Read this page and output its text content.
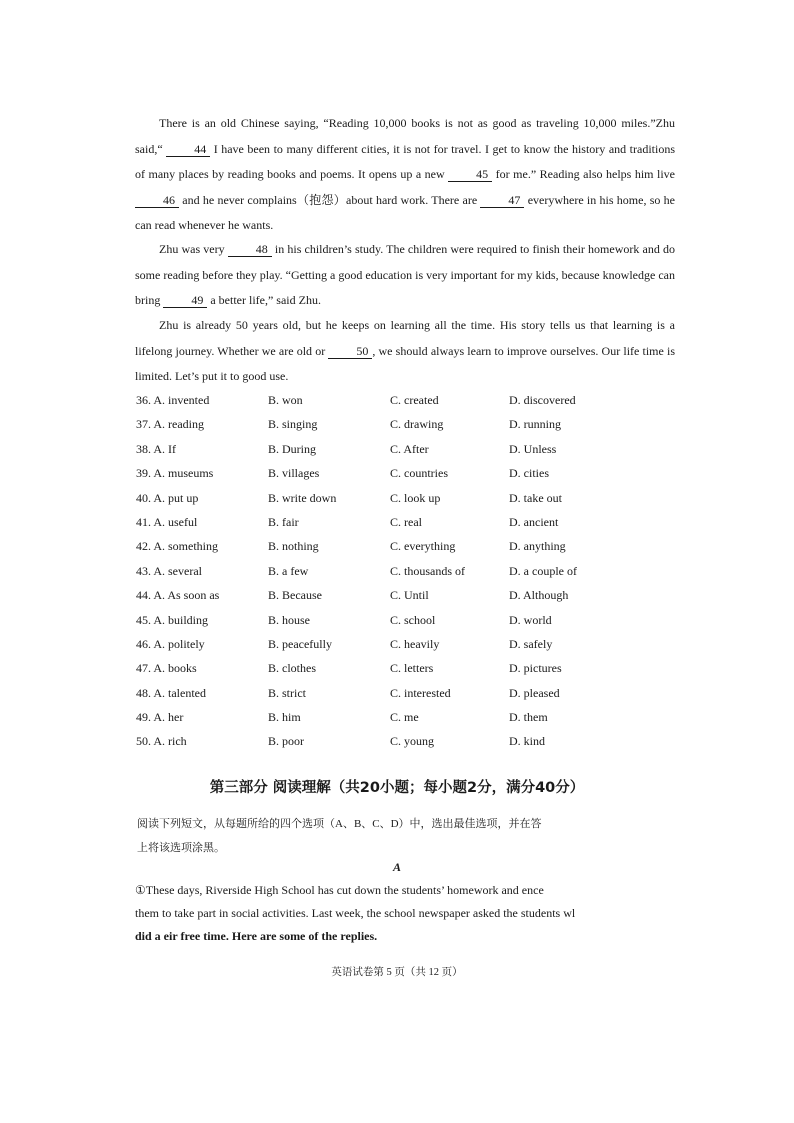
There is an old Chinese saying, “Reading 10,000 books is not as good as traveling 10,000 miles.”Zhu said,“	44 I have been to many different cities, it is not for travel. I get to know the history and traditions of many places by reading books and poems. It opens up a new 45 for me.” Reading also helps him live 46 and he never complains（抱怨）about hard work. There are 47 everywhere in his home, so he can read whenever he wants.

Zhu was very 48 in his children’s study. The children were required to finish their homework and do some reading before they play. “Getting a good education is very important for my kids, because knowledge can bring 49 a better life,” said Zhu.

Zhu is already 50 years old, but he keeps on learning all the time. His story tells us that learning is a lifelong journey. Whether we are old or 50 , we should always learn to improve ourselves. Our life time is limited. Let’s put it to good use.

36. A. invented	B. won	C. created	D. discovered
37. A. reading	B. singing	C. drawing	D. running
38. A. If	B. During	C. After	D. Unless
39. A. museums	B. villages	C. countries	D. cities
40. A. put up	B. write down	C. look up	D. take out
41. A. useful	B. fair	C. real	D. ancient
42. A. something	B. nothing	C. everything	D. anything
43. A. several	B. a few	C. thousands of	D. a couple of
44. A. As soon as	B. Because	C. Until	D. Although
45. A. building	B. house	C. school	D. world
46. A. politely	B. peacefully	C. heavily	D. safely
47. A. books	B. clothes	C. letters	D. pictures
48. A. talented	B. strict	C. interested	D. pleased
49. A. her	B. him	C. me	D. them
50. A. rich	B. poor	C. young	D. kind
第三部分 阅读理解（共20小题；每小题2分，满分40分）
阅读下列短文，从每题所给的四个选项（A、B、C、D）中，选出最佳选项，并在答
上将该选项涂黑。
A
①These days, Riverside High School has cut down the students’ homework and ence
them to take part in social activities. Last week, the school newspaper asked the students wl
did a eir free time. Here are some of the replies.
英语试卷第 5 页（共 12 页）
